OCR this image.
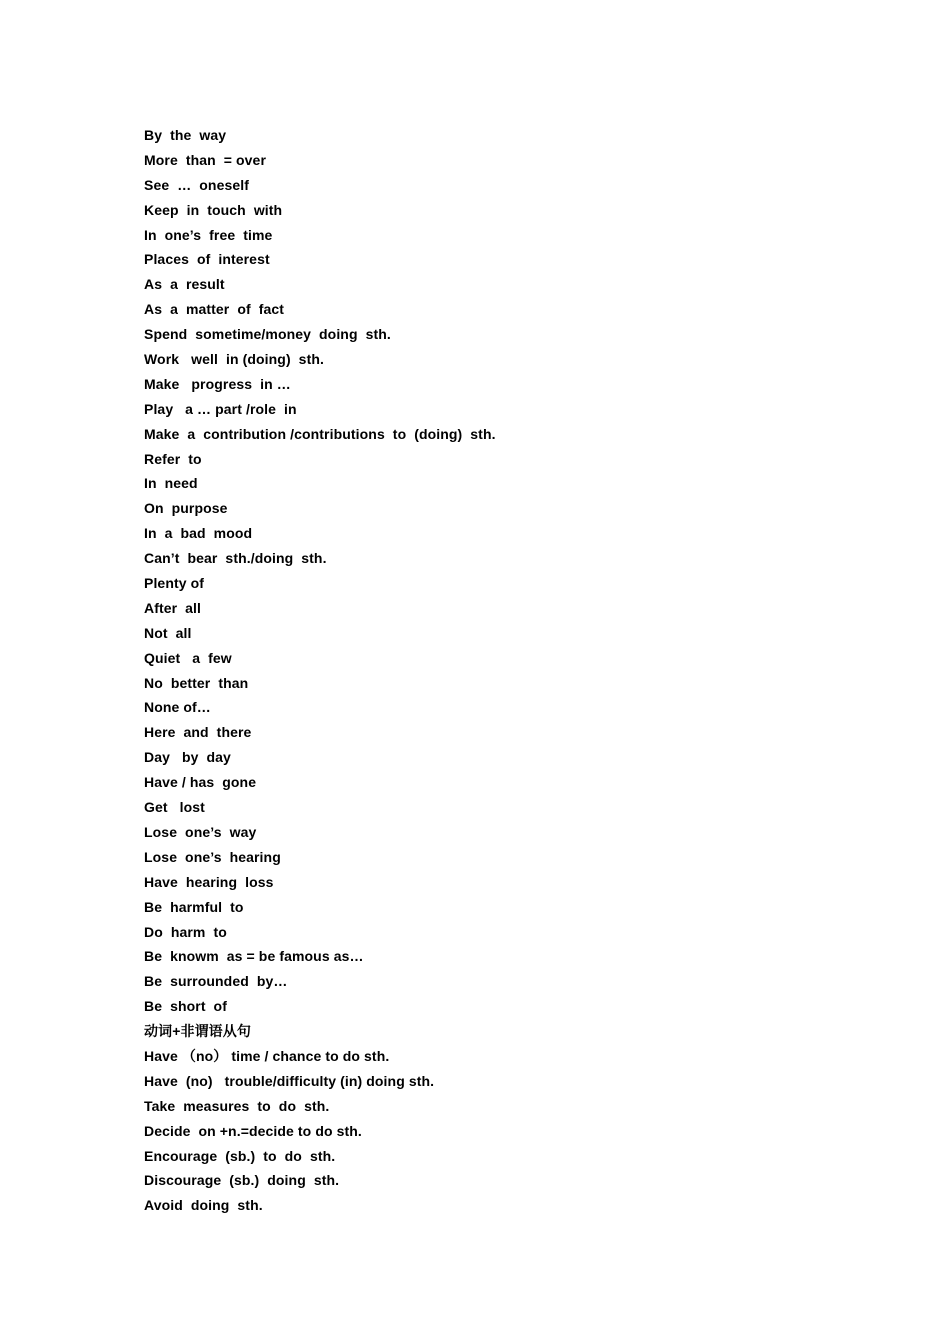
By  the  way
More  than  = over
See  …  oneself
Keep  in  touch  with
In  one’s  free  time
Places  of  interest
As  a  result
As  a  matter  of  fact
Spend  sometime/money  doing  sth.
Work   well  in (doing)  sth.
Make   progress  in …
Play   a … part /role  in
Make  a  contribution /contributions  to  (doing)  sth.
Refer  to
In  need
On  purpose
In  a  bad  mood
Can’t  bear  sth./doing  sth.
Plenty of
After  all
Not  all
Quiet   a  few
No  better  than
None of…
Here  and  there
Day   by  day
Have / has  gone
Get   lost
Lose  one’s  way
Lose  one’s  hearing
Have  hearing  loss
Be  harmful  to
Do  harm  to
Be  knowm  as = be famous as…
Be  surrounded  by…
Be  short  of
动词+非谓语从句
Have （no） time / chance to do sth.
Have  (no)   trouble/difficulty (in) doing sth.
Take  measures  to  do  sth.
Decide  on +n.=decide to do sth.
Encourage  (sb.)  to  do  sth.
Discourage  (sb.)  doing  sth.
Avoid  doing  sth.
